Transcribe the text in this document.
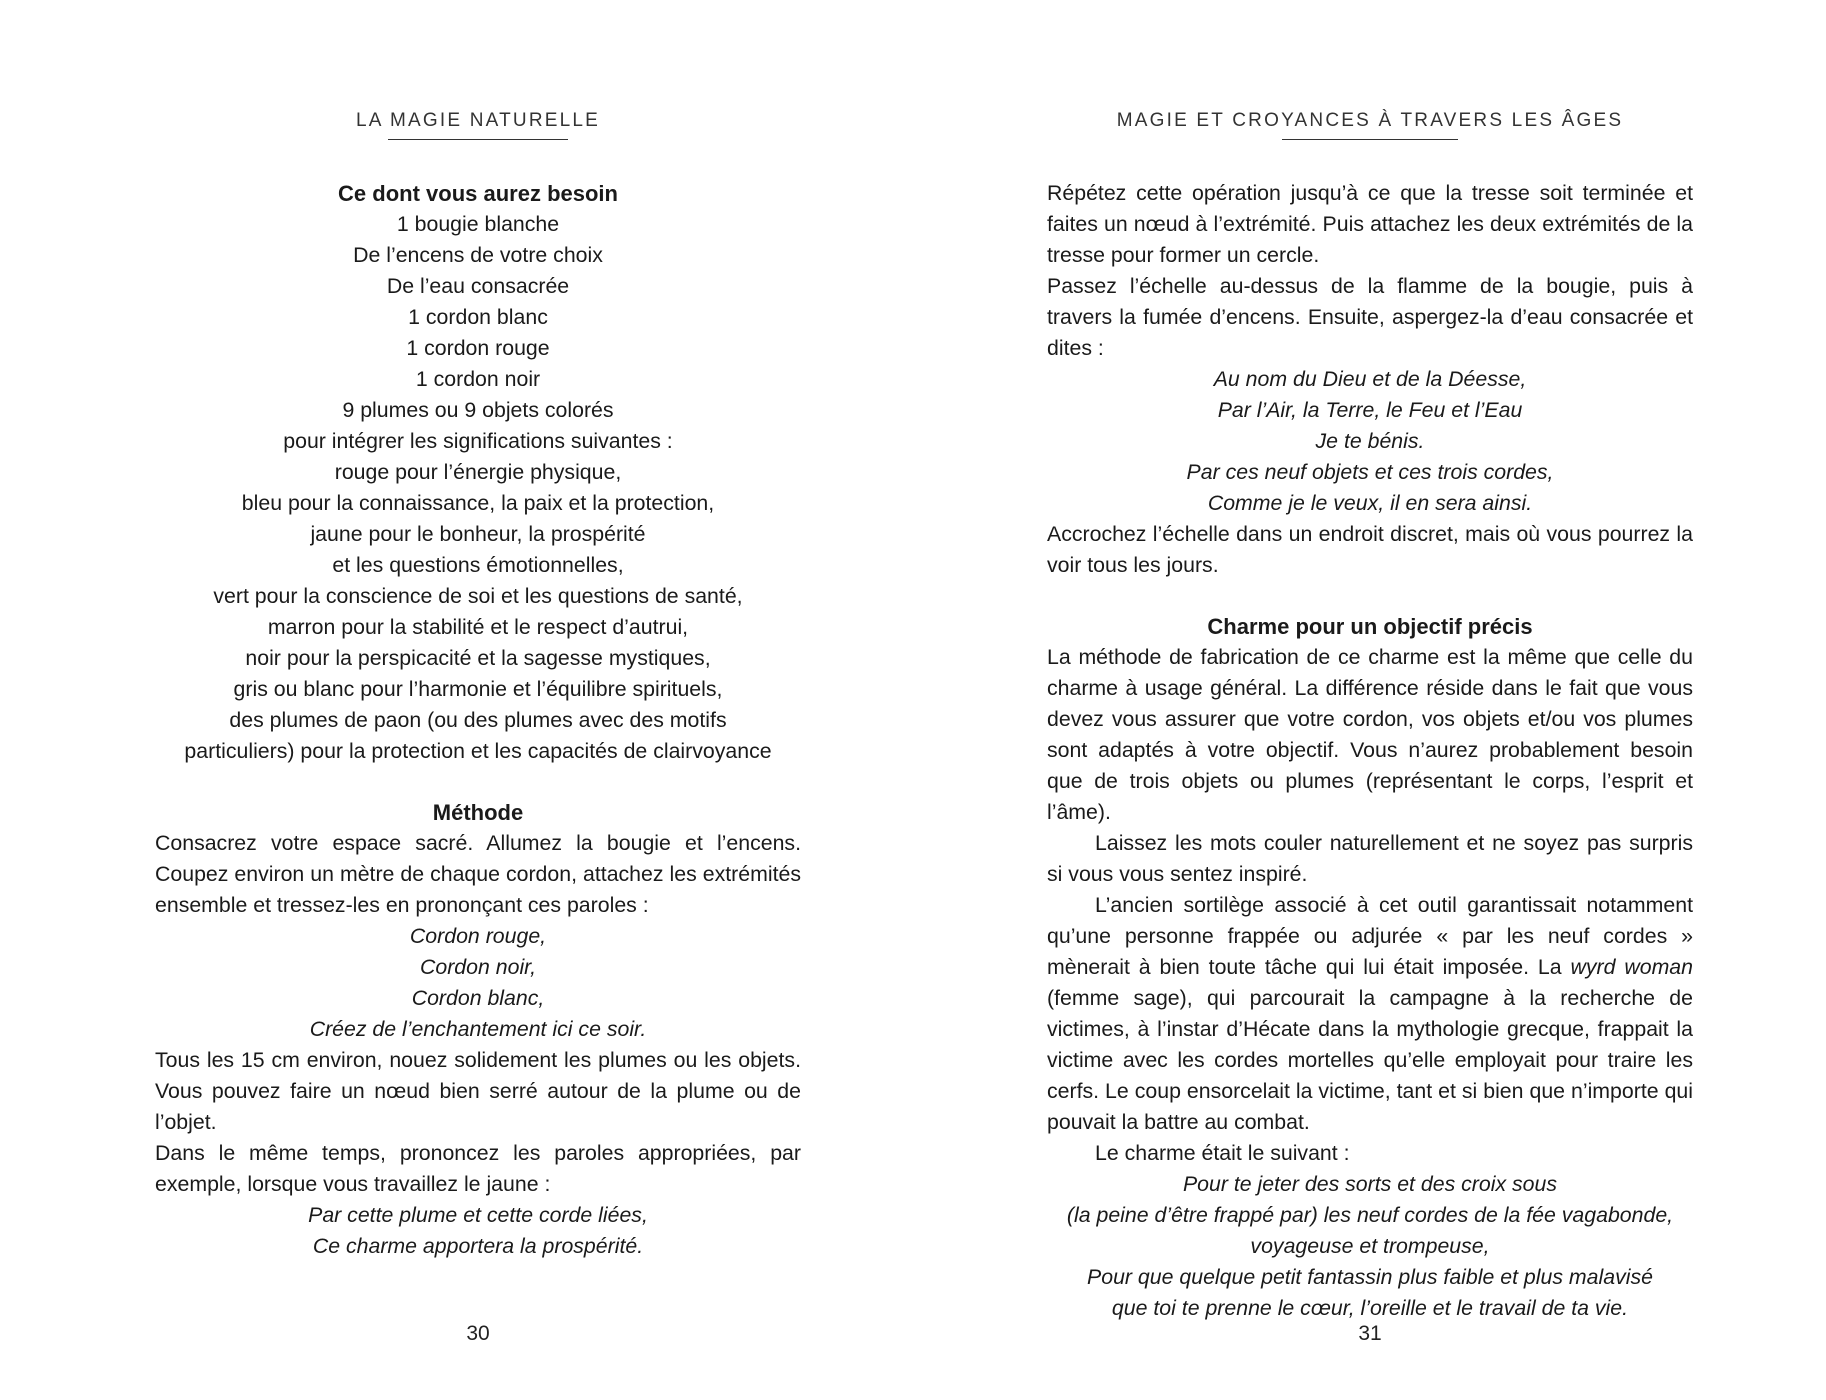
LA MAGIE NATURELLE
Ce dont vous aurez besoin
1 bougie blanche
De l’encens de votre choix
De l’eau consacrée
1 cordon blanc
1 cordon rouge
1 cordon noir
9 plumes ou 9 objets colorés
pour intégrer les significations suivantes :
rouge pour l’énergie physique,
bleu pour la connaissance, la paix et la protection,
jaune pour le bonheur, la prospérité
et les questions émotionnelles,
vert pour la conscience de soi et les questions de santé,
marron pour la stabilité et le respect d’autrui,
noir pour la perspicacité et la sagesse mystiques,
gris ou blanc pour l’harmonie et l’équilibre spirituels,
des plumes de paon (ou des plumes avec des motifs
particuliers) pour la protection et les capacités de clairvoyance
Méthode

Consacrez votre espace sacré. Allumez la bougie et l’encens. Coupez environ un mètre de chaque cordon, attachez les extrémités ensemble et tressez-les en prononçant ces paroles :

Cordon rouge,
Cordon noir,
Cordon blanc,
Créez de l’enchantement ici ce soir.

Tous les 15 cm environ, nouez solidement les plumes ou les objets. Vous pouvez faire un nœud bien serré autour de la plume ou de l’objet.

Dans le même temps, prononcez les paroles appropriées, par exemple, lorsque vous travaillez le jaune :

Par cette plume et cette corde liées,
Ce charme apportera la prospérité.
30
MAGIE ET CROYANCES À TRAVERS LES ÂGES

Répétez cette opération jusqu’à ce que la tresse soit terminée et faites un nœud à l’extrémité. Puis attachez les deux extrémités de la tresse pour former un cercle.

Passez l’échelle au-dessus de la flamme de la bougie, puis à travers la fumée d’encens. Ensuite, aspergez-la d’eau consacrée et dites :

Au nom du Dieu et de la Déesse,
Par l’Air, la Terre, le Feu et l’Eau
Je te bénis.
Par ces neuf objets et ces trois cordes,
Comme je le veux, il en sera ainsi.

Accrochez l’échelle dans un endroit discret, mais où vous pourrez la voir tous les jours.

Charme pour un objectif précis

La méthode de fabrication de ce charme est la même que celle du charme à usage général. La différence réside dans le fait que vous devez vous assurer que votre cordon, vos objets et/ou vos plumes sont adaptés à votre objectif. Vous n’aurez probablement besoin que de trois objets ou plumes (représentant le corps, l’esprit et l’âme).

Laissez les mots couler naturellement et ne soyez pas surpris si vous vous sentez inspiré.

L’ancien sortilège associé à cet outil garantissait notamment qu’une personne frappée ou adjurée « par les neuf cordes » mènerait à bien toute tâche qui lui était imposée. La wyrd woman (femme sage), qui parcourait la campagne à la recherche de victimes, à l’instar d’Hécate dans la mythologie grecque, frappait la victime avec les cordes mortelles qu’elle employait pour traire les cerfs. Le coup ensorcelait la victime, tant et si bien que n’importe qui pouvait la battre au combat.

Le charme était le suivant :

Pour te jeter des sorts et des croix sous
(la peine d’être frappé par) les neuf cordes de la fée vagabonde,
voyageuse et trompeuse,
Pour que quelque petit fantassin plus faible et plus malavisé
que toi te prenne le cœur, l’oreille et le travail de ta vie.
31
